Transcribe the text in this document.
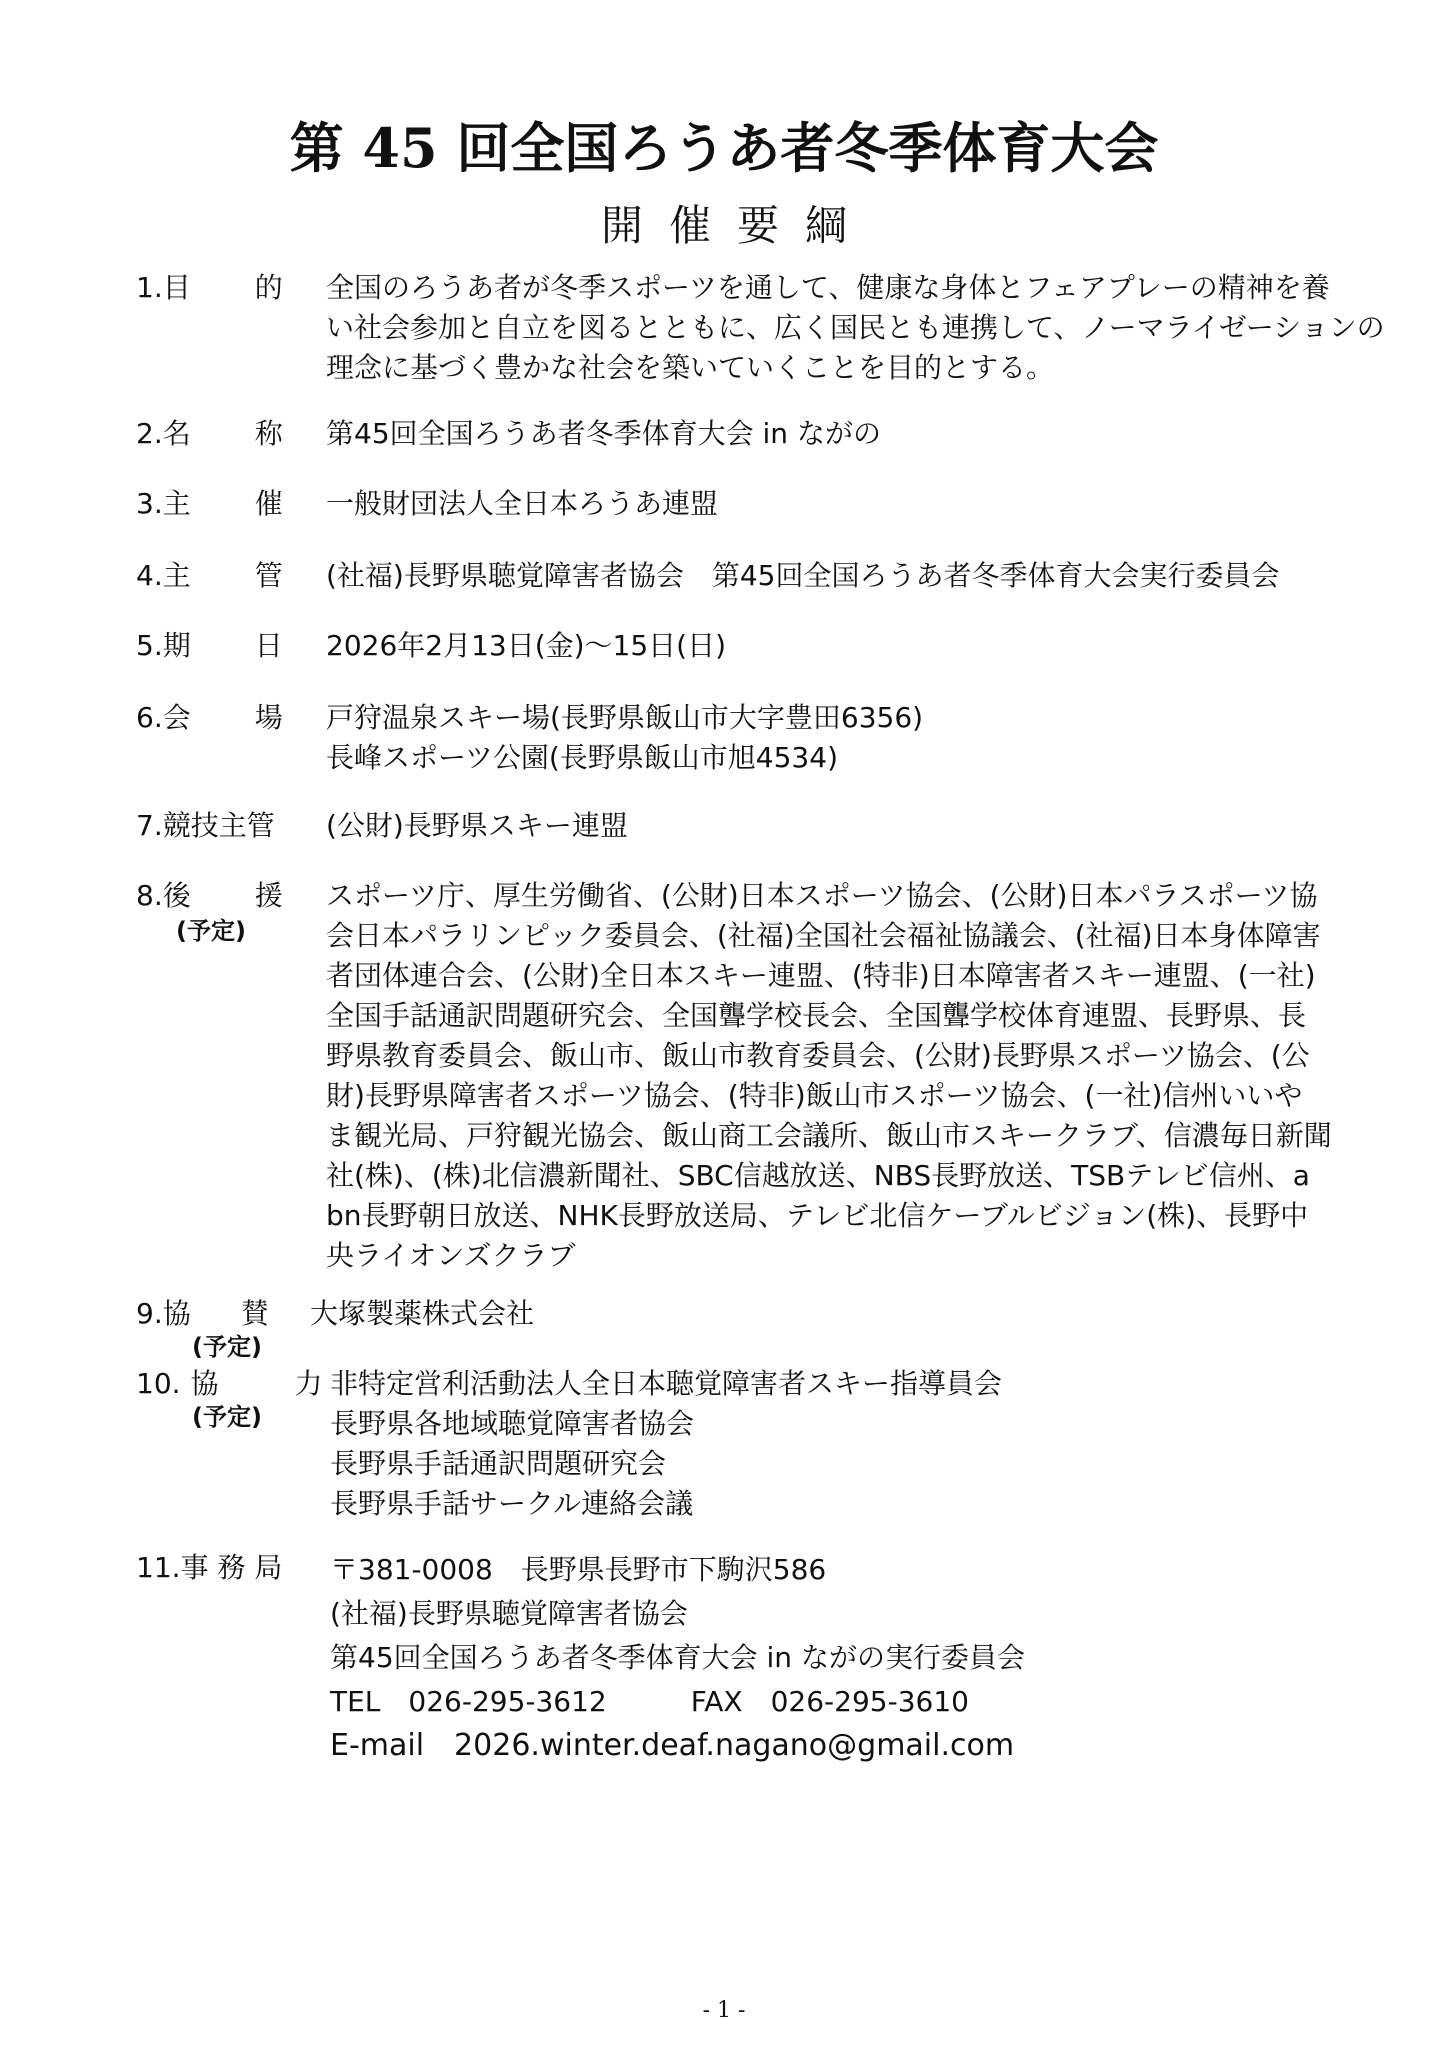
第 45 回全国ろうあ者冬季体育大会
開催要綱
1.目 的 全国のろうあ者が冬季スポーツを通して、健康な身体とフェアプレーの精神を養
い社会参加と自立を図るとともに、広く国民とも連携して、ノーマライゼーションの
理念に基づく豊かな社会を築いていくことを目的とする。
2.名 称 第45回全国ろうあ者冬季体育大会 in ながの
3.主 催 一般財団法人全日本ろうあ連盟
4.主 管 (社福)長野県聴覚障害者協会　第45回全国ろうあ者冬季体育大会実行委員会
5.期 日 2026年2月13日(金)〜15日(日)
6.会 場 戸狩温泉スキー場(長野県飯山市大字豊田6356)
長峰スポーツ公園(長野県飯山市旭4534)
7.競技主管 (公財)長野県スキー連盟
8.後 援
(予定)
スポーツ庁、厚生労働省、(公財)日本スポーツ協会、(公財)日本パラスポーツ協
会日本パラリンピック委員会、(社福)全国社会福祉協議会、(社福)日本身体障害
者団体連合会、(公財)全日本スキー連盟、(特非)日本障害者スキー連盟、(一社)
全国手話通訳問題研究会、全国聾学校長会、全国聾学校体育連盟、長野県、長
野県教育委員会、飯山市、飯山市教育委員会、(公財)長野県スポーツ協会、(公
財)長野県障害者スポーツ協会、(特非)飯山市スポーツ協会、(一社)信州いいや
ま観光局、戸狩観光協会、飯山商工会議所、飯山市スキークラブ、信濃毎日新聞
社(株)、(株)北信濃新聞社、SBC信越放送、NBS長野放送、TSBテレビ信州、a
bn長野朝日放送、NHK長野放送局、テレビ北信ケーブルビジョン(株)、長野中
央ライオンズクラブ
9.協 賛
(予定)
大塚製薬株式会社
10. 協	力
(予定)
非特定営利活動法人全日本聴覚障害者スキー指導員会
長野県各地域聴覚障害者協会
長野県手話通訳問題研究会
長野県手話サークル連絡会議
11.事 務 局 〒381-0008　長野県長野市下駒沢586
(社福)長野県聴覚障害者協会
第45回全国ろうあ者冬季体育大会 in ながの実行委員会
TEL 026-295-3612   FAX 026-295-3610
E-mail 2026.winter.deaf.nagano@gmail.com
- 1 -
